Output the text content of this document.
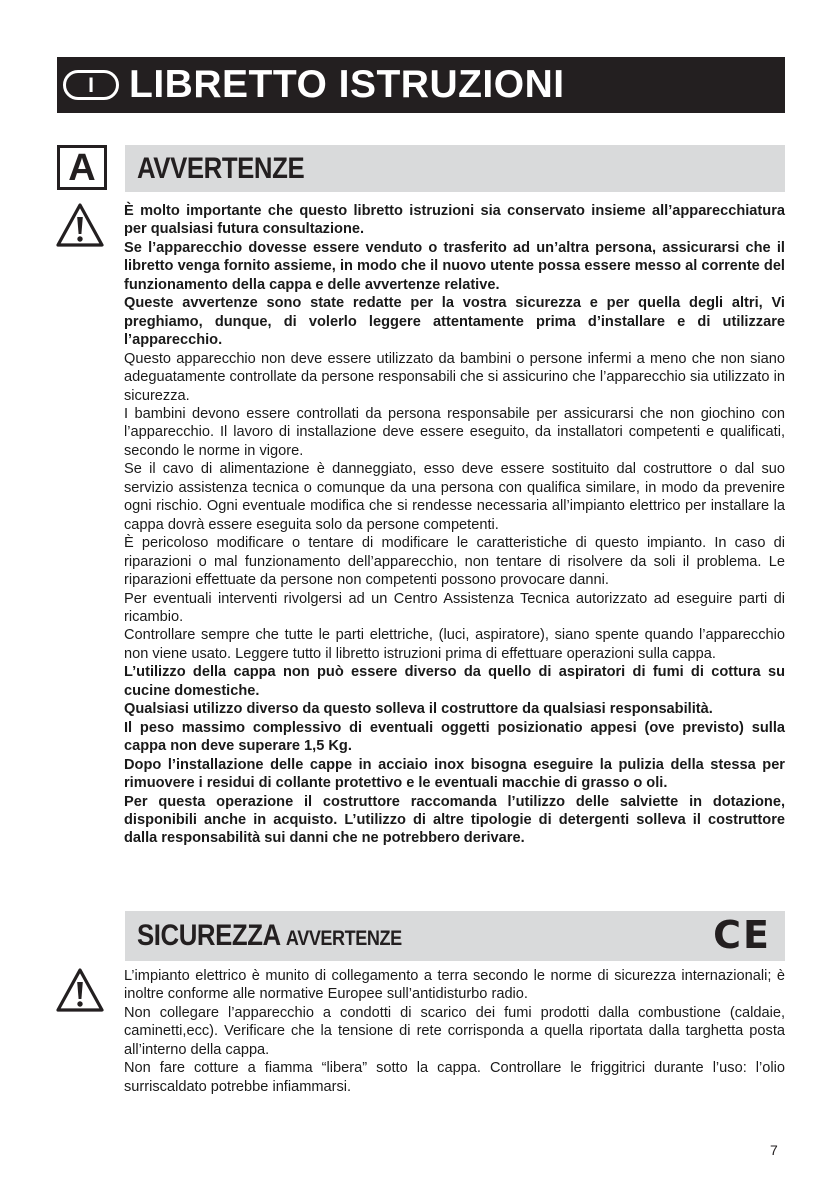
I LIBRETTO ISTRUZIONI
A	AVVERTENZE

È molto importante che questo libretto istruzioni sia conservato insieme all’apparecchiatura per qualsiasi futura consultazione.

Se l’apparecchio dovesse essere venduto o trasferito ad un’altra persona, assicurarsi che il libretto venga fornito assieme, in modo che il nuovo utente possa essere messo al corrente del funzionamento della cappa e delle avvertenze relative.

Queste avvertenze sono state redatte per la vostra sicurezza e per quella degli altri, Vi preghiamo, dunque, di volerlo leggere attentamente prima d’installare e di utilizzare l’apparecchio.

Questo apparecchio non deve essere utilizzato da bambini o persone infermi a meno che non siano adeguatamente controllate da persone responsabili che si assicurino che l’apparecchio sia utilizzato in sicurezza.

I bambini devono essere controllati da persona responsabile per assicurarsi che non giochino con l’apparecchio. Il lavoro di installazione deve essere eseguito, da installatori competenti e qualificati, secondo le norme in vigore.

Se il cavo di alimentazione è danneggiato, esso deve essere sostituito dal costruttore o dal suo servizio assistenza tecnica o comunque da una persona con qualifica similare, in modo da prevenire ogni rischio. Ogni eventuale modifica che si rendesse necessaria all’impianto elettrico per installare la cappa dovrà essere eseguita solo da persone competenti.

È pericoloso modificare o tentare di modificare le caratteristiche di questo impianto. In caso di riparazioni o mal funzionamento dell’apparecchio, non tentare di risolvere da soli il problema. Le riparazioni effettuate da persone non competenti possono provocare danni.

Per eventuali interventi rivolgersi ad un Centro Assistenza Tecnica autorizzato ad eseguire parti di ricambio.

Controllare sempre che tutte le parti elettriche, (luci, aspiratore), siano spente quando l’apparecchio non viene usato. Leggere tutto il libretto istruzioni prima di effettuare operazioni sulla cappa.

L’utilizzo della cappa non può essere diverso da quello di aspiratori di fumi di cottura su cucine domestiche.

Qualsiasi utilizzo diverso da questo solleva il costruttore da qualsiasi responsabilità.

Il peso massimo complessivo di eventuali oggetti posizionatio appesi (ove previsto) sulla cappa non deve superare 1,5 Kg.

Dopo l’installazione delle cappe in acciaio inox bisogna eseguire la pulizia della stessa per rimuovere i residui di collante protettivo e le eventuali macchie di grasso o oli.

Per questa operazione il costruttore raccomanda l’utilizzo delle salviette in dotazione, disponibili anche in acquisto. L’utilizzo di altre tipologie di detergenti solleva il costruttore dalla responsabilità sui danni che ne potrebbero derivare.

SICUREZZA AVVERTENZE	CE

L’impianto elettrico è munito di collegamento a terra secondo le norme di sicurezza internazionali; è inoltre conforme alle normative Europee sull’antidisturbo radio.

Non collegare l’apparecchio a condotti di scarico dei fumi prodotti dalla combustione (caldaie, caminetti,ecc). Verificare che la tensione di rete corrisponda a quella riportata dalla targhetta posta all’interno della cappa.

Non fare cotture a fiamma “libera” sotto la cappa. Controllare le friggitrici durante l’uso: l’olio surriscaldato potrebbe infiammarsi.

7
